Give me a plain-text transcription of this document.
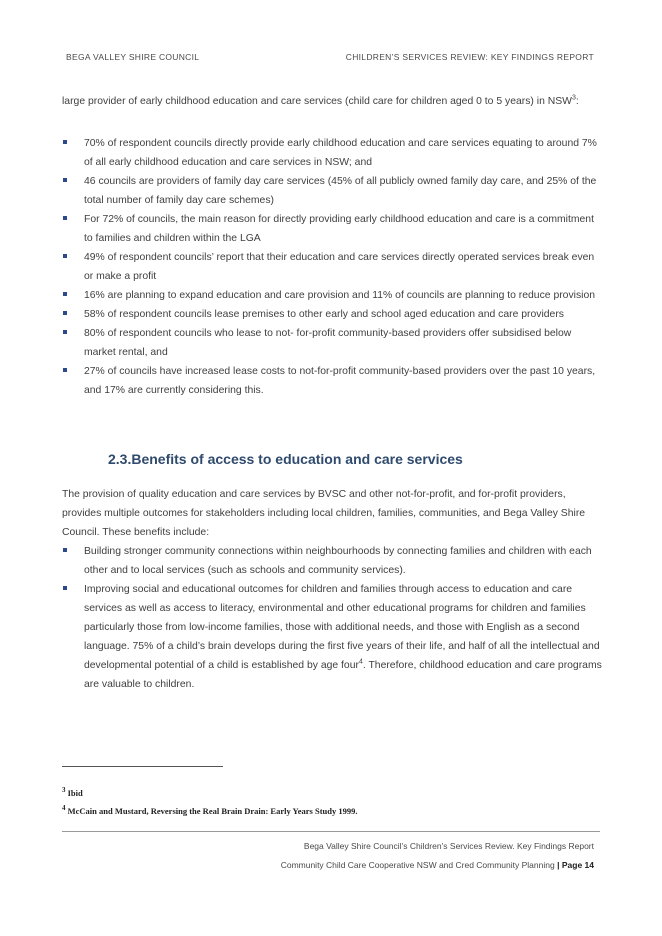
BEGA VALLEY SHIRE COUNCIL	CHILDREN’S SERVICES REVIEW: KEY FINDINGS REPORT
large provider of early childhood education and care services (child care for children aged 0 to 5 years) in NSW$^3$:
70% of respondent councils directly provide early childhood education and care services equating to around 7% of all early childhood education and care services in NSW; and
46 councils are providers of family day care services (45% of all publicly owned family day care, and 25% of the total number of family day care schemes)
For 72% of councils, the main reason for directly providing early childhood education and care is a commitment to families and children within the LGA
49% of respondent councils’ report that their education and care services directly operated services break even or make a profit
16% are planning to expand education and care provision and 11% of councils are planning to reduce provision
58% of respondent councils lease premises to other early and school aged education and care providers
80% of respondent councils who lease to not- for-profit community-based providers offer subsidised below market rental, and
27% of councils have increased lease costs to not-for-profit community-based providers over the past 10 years, and 17% are currently considering this.
2.3.Benefits of access to education and care services
The provision of quality education and care services by BVSC and other not-for-profit, and for-profit providers, provides multiple outcomes for stakeholders including local children, families, communities, and Bega Valley Shire Council. These benefits include:
Building stronger community connections within neighbourhoods by connecting families and children with each other and to local services (such as schools and community services).
Improving social and educational outcomes for children and families through access to education and care services as well as access to literacy, environmental and other educational programs for children and families particularly those from low-income families, those with additional needs, and those with English as a second language. 75% of a child’s brain develops during the first five years of their life, and half of all the intellectual and developmental potential of a child is established by age four$^4$. Therefore, childhood education and care programs are valuable to children.
$^3$ Ibid
$^4$ McCain and Mustard, Reversing the Real Brain Drain: Early Years Study 1999.
Bega Valley Shire Council’s Children’s Services Review. Key Findings Report
Community Child Care Cooperative NSW and Cred Community Planning | Page 14
